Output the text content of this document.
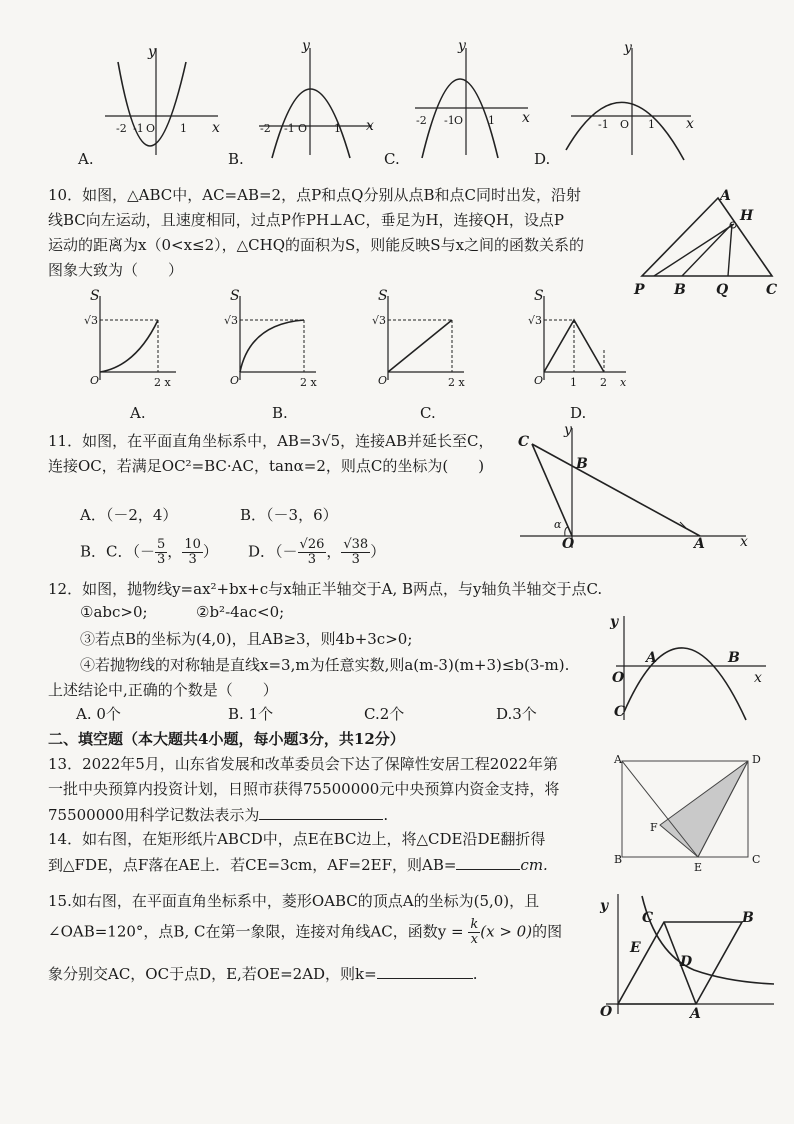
y
x
-2 -1 O 1
y
x
-2 -1 O 1
y
x
-2 -1 O 1
y
x
-1 O 1
A.	B.	C.	D.
10．如图，△ABC中，AC=AB=2，点P和点Q分别从点B和点C同时出发，沿射
线BC向左运动，且速度相同，过点P作PH⊥AC，垂足为H，连接QH，设点P
运动的距离为x（0<x≤2），△CHQ的面积为S，则能反映S与x之间的函数关系的
图象大致为（　　）
A
H
P B Q	C
S
√3
O	2 x
S
√3
O	2 x
S
√3
O	2 x
S
√3
O 1 2 x
A.	B.	C.	D.
11．如图，在平面直角坐标系中，AB=3√5，连接AB并延长至C，
连接OC，若满足OC²=BC·AC，tanα=2，则点C的坐标为(　　)
A．（－2，4）	B．（－3，6）
B．C．（－ $\frac{5}{3}$ ， $\frac{10}{3}$ ） D．（－ $\frac{√26}{3}$ ， $\frac{√38}{3}$ ）
C
y
B
α
O	A	x
12．如图，抛物线y=ax²+bx+c与x轴正半轴交于A, B两点，与y轴负半轴交于点C.
①abc>0;	②b²-4ac<0;
③若点B的坐标为(4,0)，且AB≥3，则4b+3c>0;
④若抛物线的对称轴是直线x=3,m为任意实数,则a(m-3)(m+3)≤b(3-m).
上述结论中,正确的个数是（　　）
A. 0个	B. 1个	C.2个	D.3个
y
A	B
O	x
C
二、填空题（本大题共4小题，每小题3分，共12分）
13．2022年5月，山东省发展和改革委员会下达了保障性安居工程2022年第
一批中央预算内投资计划，日照市获得75500000元中央预算内资金支持，将
75500000用科学记数法表示为	.
A	D
F
B
E
C
14．如右图，在矩形纸片ABCD中，点E在BC边上，将△CDE沿DE翻折得
到△FDE，点F落在AE上．若CE=3cm，AF=2EF，则AB=	cm.
15.如右图，在平面直角坐标系中，菱形OABC的顶点A的坐标为(5,0)，且
∠OAB=120°，点B, C在第一象限，连接对角线AC，函数$y = \frac{k}{x} (x > 0)$的图
象分别交AC，OC于点D，E,若OE=2AD，则k=	.
y
C	B
E
D
O	A
